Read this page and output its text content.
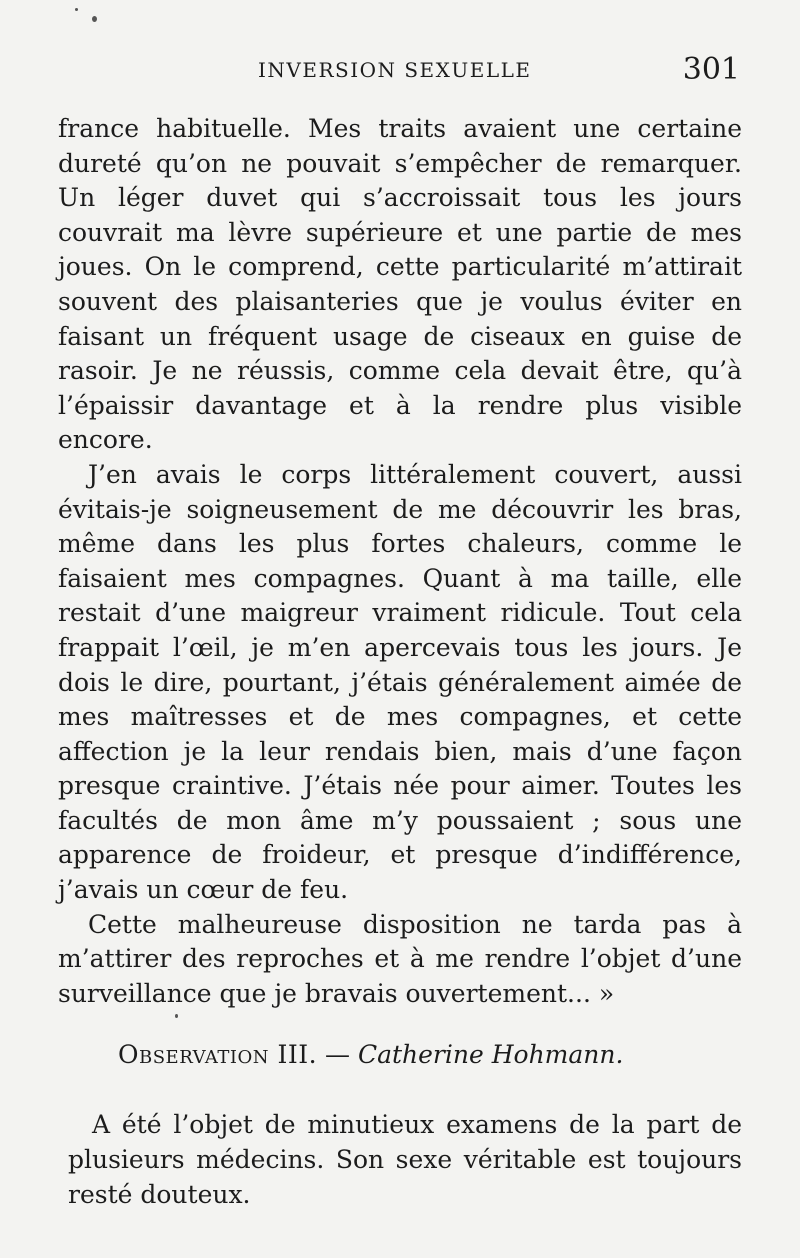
INVERSION SEXUELLE	301

france habituelle. Mes traits avaient une certaine dureté qu’on ne pouvait s’empêcher de remarquer. Un léger duvet qui s’accroissait tous les jours couvrait ma lèvre supérieure et une partie de mes joues. On le comprend, cette particularité m’attirait souvent des plaisanteries que je voulus éviter en faisant un fréquent usage de ciseaux en guise de rasoir. Je ne réussis, comme cela devait être, qu’à l’épaissir davantage et à la rendre plus visible encore.

J’en avais le corps littéralement couvert, aussi évitais-je soigneusement de me découvrir les bras, même dans les plus fortes chaleurs, comme le faisaient mes compagnes. Quant à ma taille, elle restait d’une maigreur vraiment ridicule. Tout cela frappait l’œil, je m’en apercevais tous les jours. Je dois le dire, pourtant, j’étais généralement aimée de mes maîtresses et de mes compagnes, et cette affection je la leur rendais bien, mais d’une façon presque craintive. J’étais née pour aimer. Toutes les facultés de mon âme m’y poussaient ; sous une apparence de froideur, et presque d’indifférence, j’avais un cœur de feu.

Cette malheureuse disposition ne tarda pas à m’attirer des reproches et à me rendre l’objet d’une surveillance que je bravais ouvertement... »

Observation III. — Catherine Hohmann.

A été l’objet de minutieux examens de la part de plusieurs médecins. Son sexe véritable est toujours resté douteux.
